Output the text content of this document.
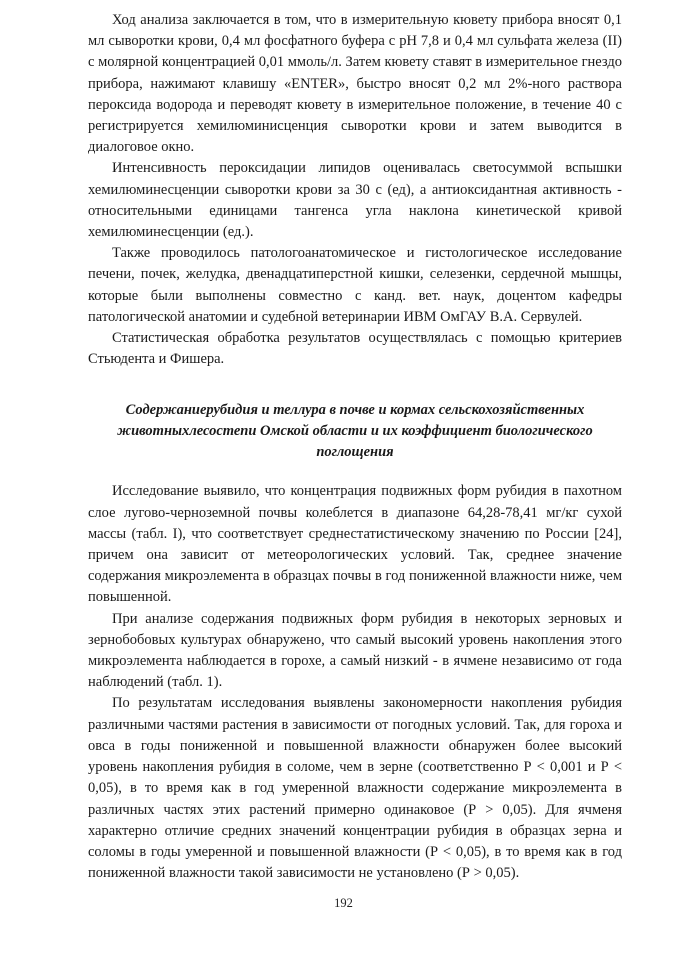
Ход анализа заключается в том, что в измерительную кювету прибора вносят 0,1 мл сыворотки крови, 0,4 мл фосфатного буфера с рН 7,8 и 0,4 мл сульфата железа (II) с молярной концентрацией 0,01 ммоль/л. Затем кювету ставят в измерительное гнездо прибора, нажимают клавишу «ENTER», быстро вносят 0,2 мл 2%-ного раствора пероксида водорода и переводят кювету в измерительное положение, в течение 40 с регистрируется хемилюминисценция сыворотки крови и затем выводится в диалоговое окно.

Интенсивность пероксидации липидов оценивалась светосуммой вспышки хемилюминесценции сыворотки крови за 30 с (ед), а антиоксидантная активность - относительными единицами тангенса угла наклона кинетической кривой хемилюминесценции (ед.).

Также проводилось патологоанатомическое и гистологическое исследование печени, почек, желудка, двенадцатиперстной кишки, селезенки, сердечной мышцы, которые были выполнены совместно с канд. вет. наук, доцентом кафедры патологической анатомии и судебной ветеринарии ИВМ ОмГАУ В.А. Сервулей.

Статистическая обработка результатов осуществлялась с помощью критериев Стьюдента и Фишера.

Содержаниерубидия и теллура в почве и кормах сельскохозяйственных животныхлесостепи Омской области и их коэффициент биологического поглощения

Исследование выявило, что концентрация подвижных форм рубидия в пахотном слое лугово-черноземной почвы колеблется в диапазоне 64,28-78,41 мг/кг сухой массы (табл. I), что соответствует среднестатистическому значению по России [24], причем она зависит от метеорологических условий. Так, среднее значение содержания микроэлемента в образцах почвы в год пониженной влажности ниже, чем повышенной.

При анализе содержания подвижных форм рубидия в некоторых зерновых и зернобобовых культурах обнаружено, что самый высокий уровень накопления этого микроэлемента наблюдается в горохе, а самый низкий - в ячмене независимо от года наблюдений (табл. 1).

По результатам исследования выявлены закономерности накопления рубидия различными частями растения в зависимости от погодных условий. Так, для гороха и овса в годы пониженной и повышенной влажности обнаружен более высокий уровень накопления рубидия в соломе, чем в зерне (соответственно Р < 0,001 и Р < 0,05), в то время как в год умеренной влажности содержание микроэлемента в различных частях этих растений примерно одинаковое (Р > 0,05). Для ячменя характерно отличие средних значений концентрации рубидия в образцах зерна и соломы в годы умеренной и повышенной влажности (Р < 0,05), в то время как в год пониженной влажности такой зависимости не установлено (Р > 0,05).

192
